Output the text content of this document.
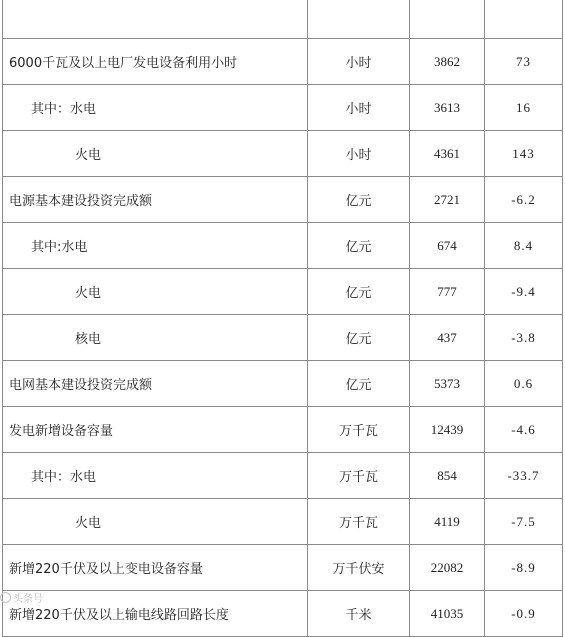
6000千瓦及以上电厂发电设备利用小时	小时	3862	73
其中：水电	小时	3613	16
火电	小时	4361	143
电源基本建设投资完成额	亿元	2721	-6.2
其中:水电	亿元	674	8.4
火电	亿元	777	-9.4
核电	亿元	437	-3.8
电网基本建设投资完成额	亿元	5373	0.6
发电新增设备容量	万千瓦	12439	-4.6
其中：水电	万千瓦	854	-33.7
火电	万千瓦	4119	-7.5
新增220千伏及以上变电设备容量	万千伏安	22082	-8.9
新增220千伏及以上输电线路回路长度	千米	41035	-0.9
头条号
